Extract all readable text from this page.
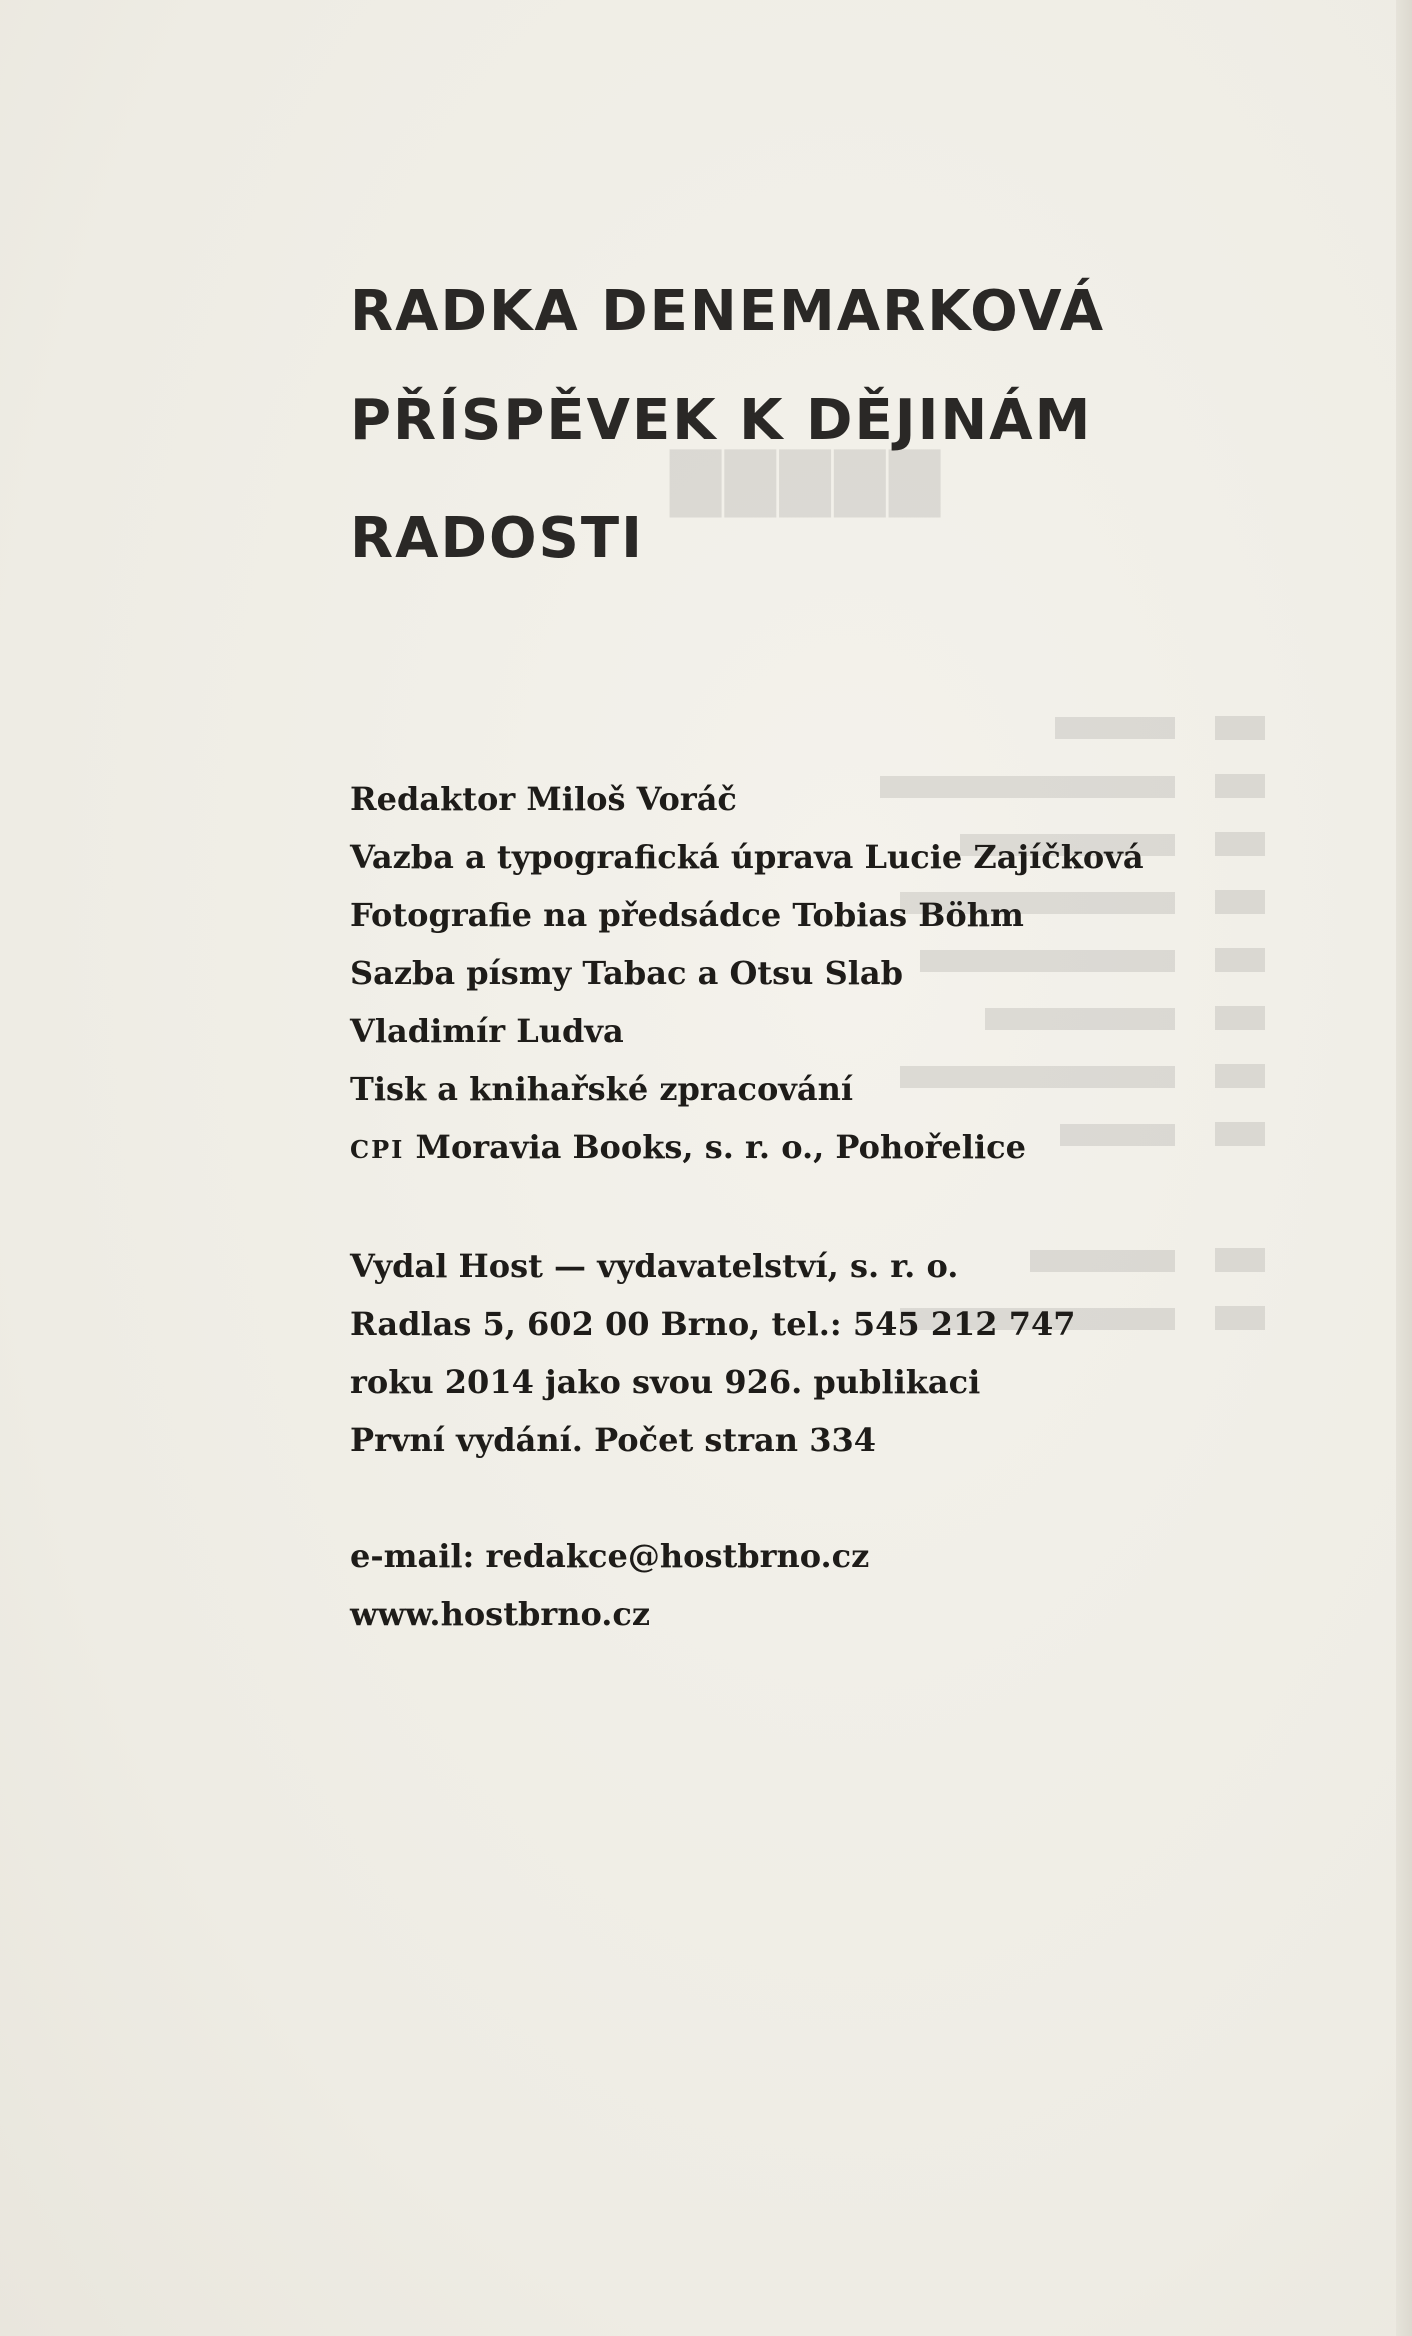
▇▇▇▇▇
RADKA DENEMARKOVÁ
PŘÍSPĚVEK K DĚJINÁM
RADOSTI
Redaktor Miloš Voráč
Vazba a typografická úprava Lucie Zajíčková
Fotografie na předsádce Tobias Böhm
Sazba písmy Tabac a Otsu Slab
Vladimír Ludva
Tisk a knihařské zpracování
CPI Moravia Books, s. r. o., Pohořelice
Vydal Host — vydavatelství, s. r. o.
Radlas 5, 602 00 Brno, tel.: 545 212 747
roku 2014 jako svou 926. publikaci
První vydání. Počet stran 334
e-mail: redakce@hostbrno.cz
www.hostbrno.cz
